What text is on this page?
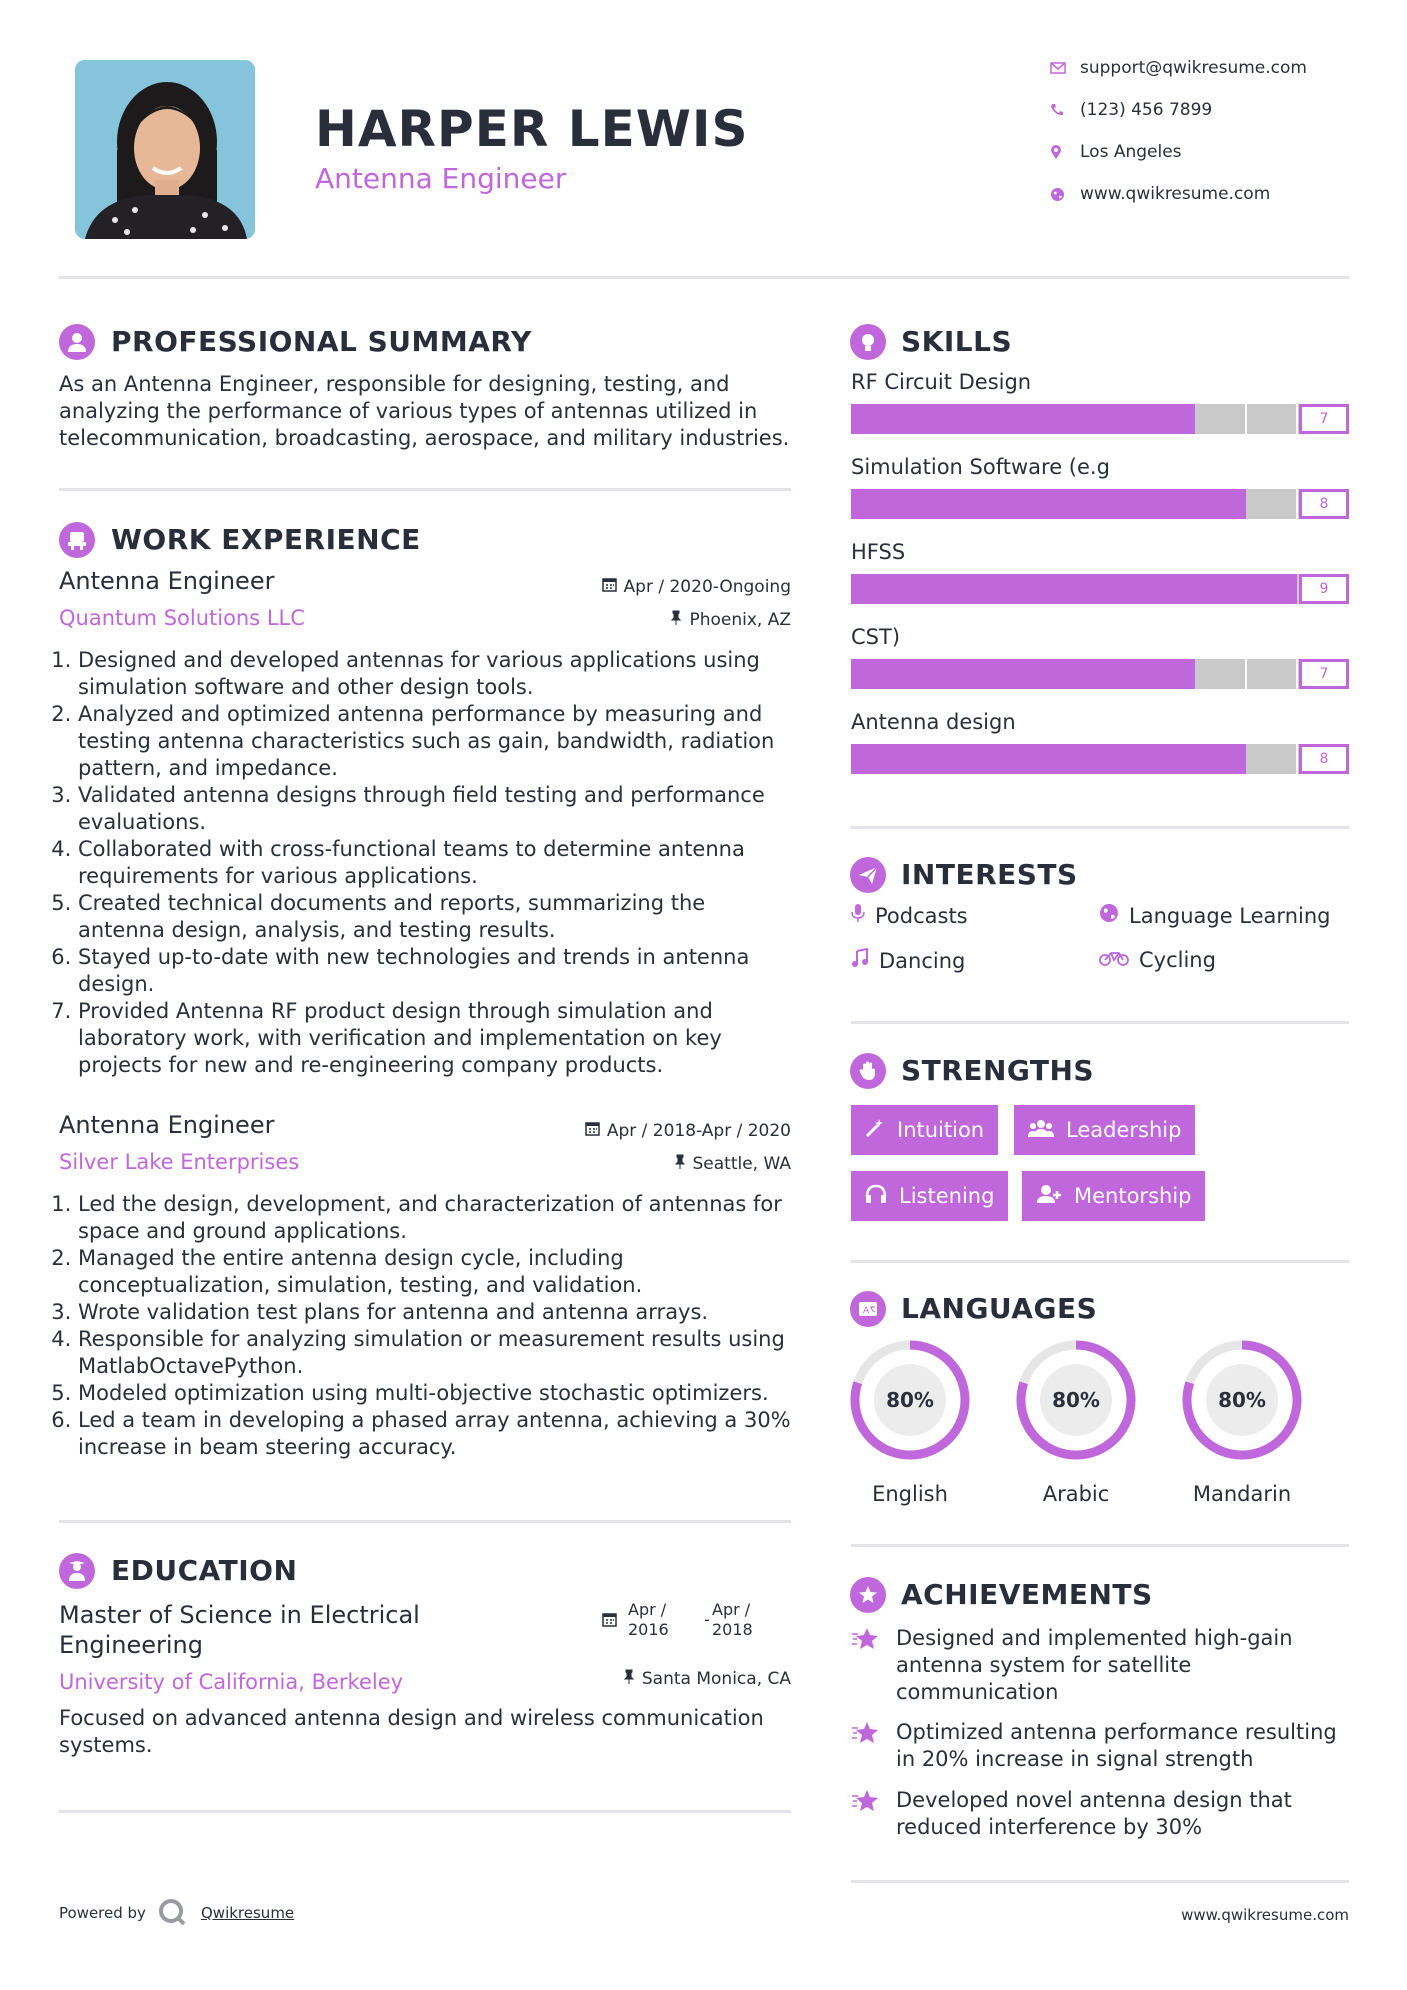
HARPER LEWIS
Antenna Engineer
support@qwikresume.com
(123) 456 7899
Los Angeles
www.qwikresume.com
PROFESSIONAL SUMMARY
As an Antenna Engineer, responsible for designing, testing, and
analyzing the performance of various types of antennas utilized in
telecommunication, broadcasting, aerospace, and military industries.
WORK EXPERIENCE
Antenna Engineer
Quantum Solutions LLC
Apr / 2020-Ongoing
Phoenix, AZ
1. Designed and developed antennas for various applications using
simulation software and other design tools.
2. Analyzed and optimized antenna performance by measuring and
testing antenna characteristics such as gain, bandwidth, radiation
pattern, and impedance.
3. Validated antenna designs through field testing and performance
evaluations.
4. Collaborated with cross-functional teams to determine antenna
requirements for various applications.
5. Created technical documents and reports, summarizing the
antenna design, analysis, and testing results.
6. Stayed up-to-date with new technologies and trends in antenna
design.
7. Provided Antenna RF product design through simulation and
laboratory work, with verification and implementation on key
projects for new and re-engineering company products.
Antenna Engineer
Silver Lake Enterprises
Apr / 2018-Apr / 2020
Seattle, WA
1. Led the design, development, and characterization of antennas for
space and ground applications.
2. Managed the entire antenna design cycle, including
conceptualization, simulation, testing, and validation.
3. Wrote validation test plans for antenna and antenna arrays.
4. Responsible for analyzing simulation or measurement results using
MatlabOctavePython.
5. Modeled optimization using multi-objective stochastic optimizers.
6. Led a team in developing a phased array antenna, achieving a 30%
increase in beam steering accuracy.
EDUCATION
Master of Science in Electrical
Engineering
University of California, Berkeley
Apr /
2016
-
Apr /
2018
Santa Monica, CA
Focused on advanced antenna design and wireless communication
systems.
SKILLS
RF Circuit Design
7
Simulation Software (e.g
8
HFSS
9
CST)
7
Antenna design
8
INTERESTS
Podcasts	Language Learning
Dancing	Cycling
STRENGTHS
Intuition	Leadership
Listening	Mentorship
A LANGUAGES
80%
English
80%
Arabic
80%
Mandarin
ACHIEVEMENTS
Designed and implemented high-gain
antenna system for satellite
communication
Optimized antenna performance resulting
in 20% increase in signal strength
Developed novel antenna design that
reduced interference by 30%
Powered by	Qwikresume	www.qwikresume.com
